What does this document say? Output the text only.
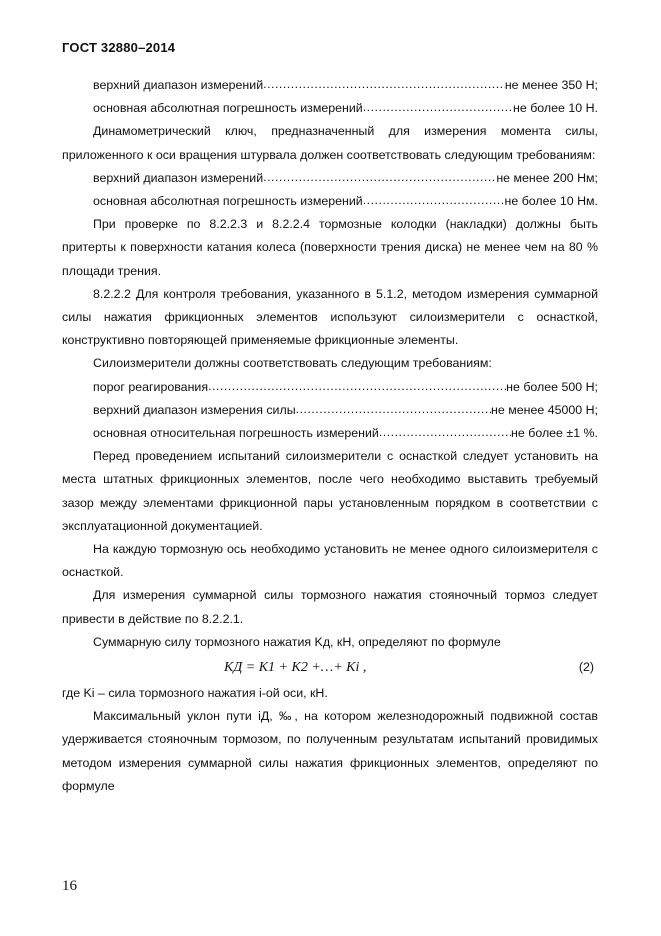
ГОСТ 32880–2014
верхний диапазон измерений .....	не менее 350 Н;
основная абсолютная погрешность измерений .....	не более 10 Н.

Динамометрический ключ, предназначенный для измерения момента силы, приложенного к оси вращения штурвала должен соответствовать следующим требованиям:

верхний диапазон измерений .....	не менее 200 Нм;
основная абсолютная погрешность измерений .....	не более 10 Нм.

При проверке по 8.2.2.3 и 8.2.2.4 тормозные колодки (накладки) должны быть притерты к поверхности катания колеса (поверхности трения диска) не менее чем на 80 % площади трения.

8.2.2.2 Для контроля требования, указанного в 5.1.2, методом измерения суммарной силы нажатия фрикционных элементов используют силоизмерители с оснасткой, конструктивно повторяющей применяемые фрикционные элементы.

Силоизмерители должны соответствовать следующим требованиям:

порог реагирования .....	не более 500 Н;
верхний диапазон измерения силы .....	не менее 45000 Н;
основная относительная погрешность измерений .....	не более ±1 %.

Перед проведением испытаний силоизмерители с оснасткой следует установить на места штатных фрикционных элементов, после чего необходимо выставить требуемый зазор между элементами фрикционной пары установленным порядком в соответствии с эксплуатационной документацией.

На каждую тормозную ось необходимо установить не менее одного силоизмерителя с оснасткой.

Для измерения суммарной силы тормозного нажатия стояночный тормоз следует привести в действие по 8.2.2.1.

Суммарную силу тормозного нажатия Kд, кН, определяют по формуле

KД = K1 + K2 +…+ Ki ,	(2)

где Ki – сила тормозного нажатия i-ой оси, кН.

Максимальный уклон пути iД, ‰, на котором железнодорожный подвижной состав удерживается стояночным тормозом, по полученным результатам испытаний провидимых методом измерения суммарной силы нажатия фрикционных элементов, определяют по формуле

16
